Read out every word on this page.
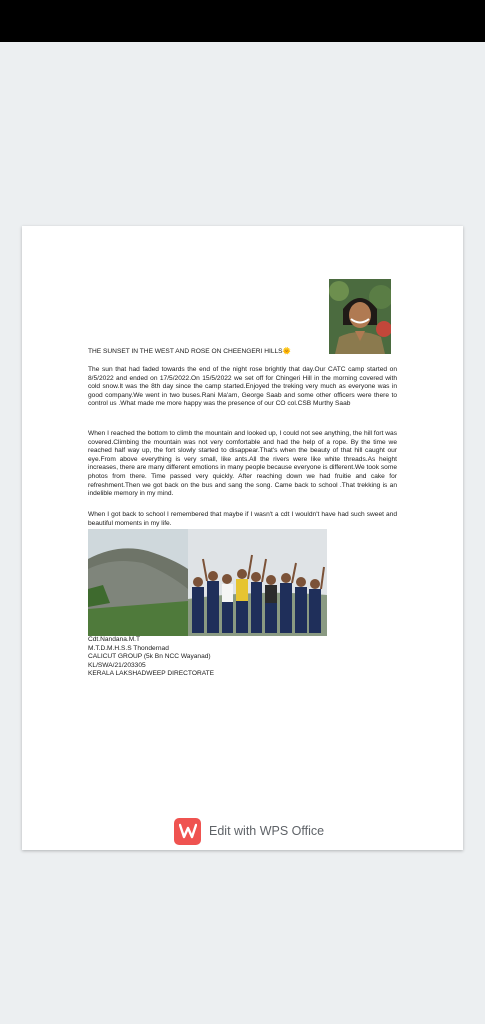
THE SUNSET IN THE WEST AND ROSE ON CHEENGERI HILLS🌞
The sun that had faded towards the end of the night rose brightly that day.Our CATC camp started on 8/5/2022 and ended on 17/5/2022.On 15/5/2022 we set off for Chingeri Hill in the morning covered with cold snow.It was the 8th day since the camp started.Enjoyed the treking very much as everyone was in good company.We went in two buses.Rani Ma'am, George Saab and some other officers were there to control us .What made me more happy was the presence of our CO col.CSB Murthy Saab
When I reached the bottom to climb the mountain and looked up, I could not see anything, the hill fort was covered.Climbing the mountain was not very comfortable and had the help of a rope. By the time we reached half way up, the fort slowly started to disappear.That's when the beauty of that hill caught our eye.From above everything is very small, like ants.All the rivers were like white threads.As height increases, there are many different emotions in many people because everyone is different.We took some photos from there. Time passed very quickly. After reaching down we had fruitie and cake for refreshment.Then we got back on the bus and sang the song. Came back to school .That trekking is an indelible memory in my mind.
When I got back to school I remembered that maybe if I wasn't a cdt I wouldn't have had such sweet and beautiful moments in my life.
Cdt.Nandana.M.T
M.T.D.M.H.S.S Thondernad
CALICUT GROUP (5k Bn NCC Wayanad)
KL/SWA/21/203305
KERALA LAKSHADWEEP DIRECTORATE
Edit with WPS Office
